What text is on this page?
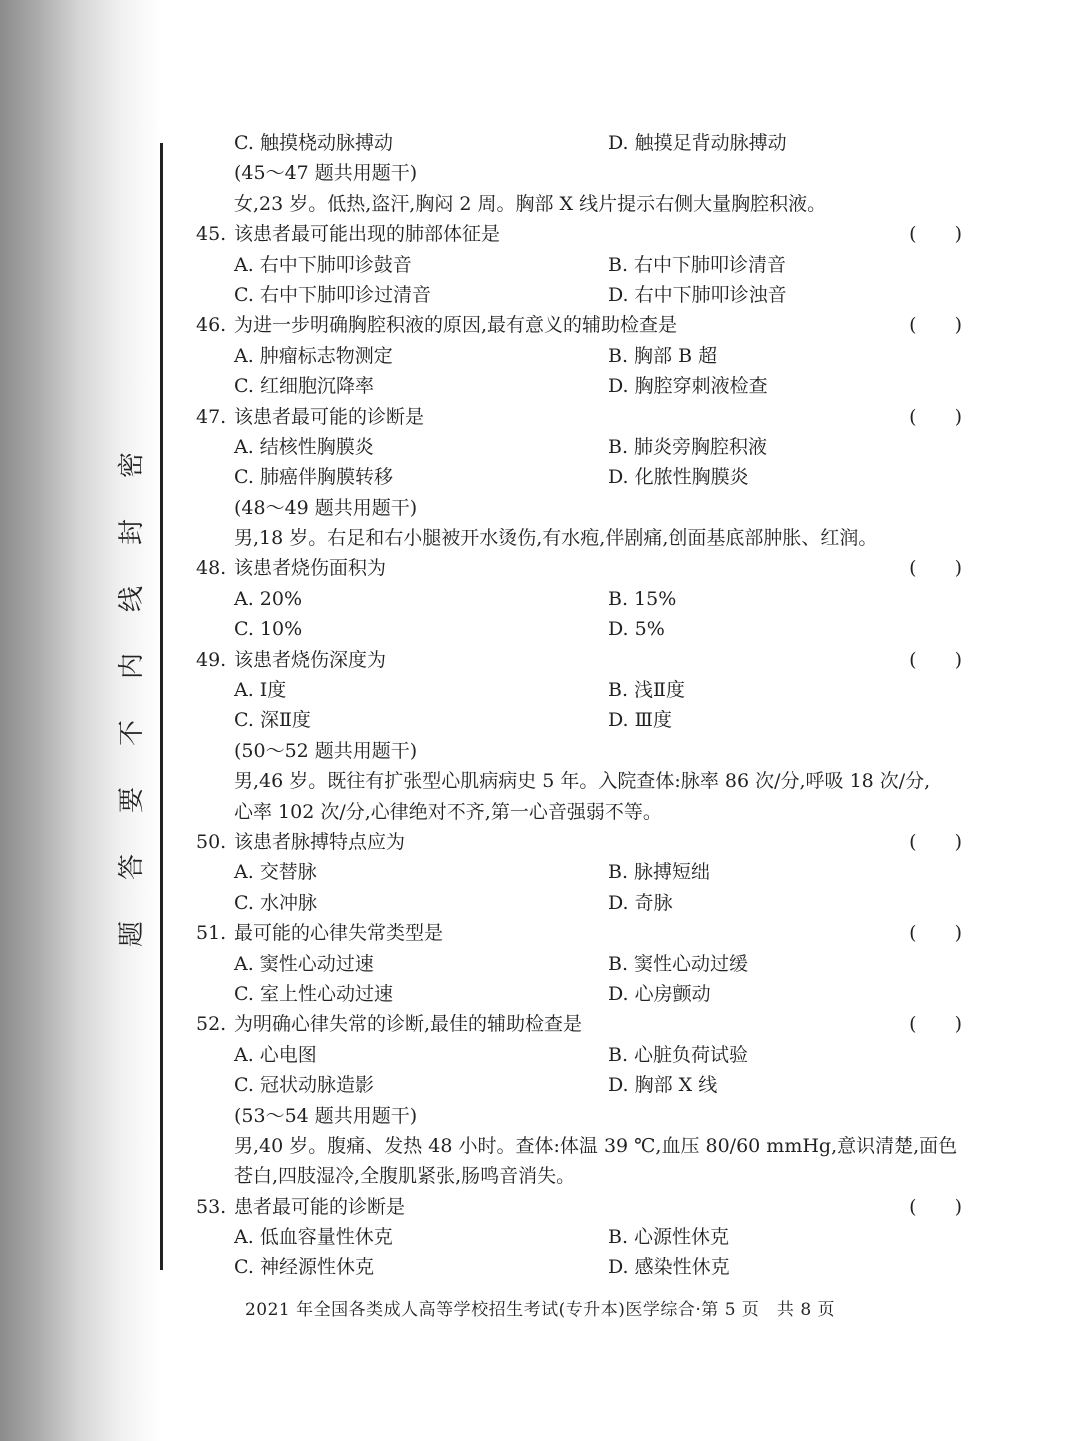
密
封
线
内
不
要
答
题
C. 触摸桡动脉搏动	D. 触摸足背动脉搏动
(45～47 题共用题干)
女,23 岁。低热,盗汗,胸闷 2 周。胸部 X 线片提示右侧大量胸腔积液。
45. 该患者最可能出现的肺部体征是	(　　)
A. 右中下肺叩诊鼓音	B. 右中下肺叩诊清音
C. 右中下肺叩诊过清音	D. 右中下肺叩诊浊音
46. 为进一步明确胸腔积液的原因,最有意义的辅助检查是	(　　)
A. 肿瘤标志物测定	B. 胸部 B 超
C. 红细胞沉降率	D. 胸腔穿刺液检查
47. 该患者最可能的诊断是	(　　)
A. 结核性胸膜炎	B. 肺炎旁胸腔积液
C. 肺癌伴胸膜转移	D. 化脓性胸膜炎
(48～49 题共用题干)
男,18 岁。右足和右小腿被开水烫伤,有水疱,伴剧痛,创面基底部肿胀、红润。
48. 该患者烧伤面积为	(　　)
A. 20%	B. 15%
C. 10%	D. 5%
49. 该患者烧伤深度为	(　　)
A. Ⅰ度	B. 浅Ⅱ度
C. 深Ⅱ度	D. Ⅲ度
(50～52 题共用题干)
男,46 岁。既往有扩张型心肌病病史 5 年。入院查体:脉率 86 次/分,呼吸 18 次/分,
心率 102 次/分,心律绝对不齐,第一心音强弱不等。
50. 该患者脉搏特点应为	(　　)
A. 交替脉	B. 脉搏短绌
C. 水冲脉	D. 奇脉
51. 最可能的心律失常类型是	(　　)
A. 窦性心动过速	B. 窦性心动过缓
C. 室上性心动过速	D. 心房颤动
52. 为明确心律失常的诊断,最佳的辅助检查是	(　　)
A. 心电图	B. 心脏负荷试验
C. 冠状动脉造影	D. 胸部 X 线
(53～54 题共用题干)
男,40 岁。腹痛、发热 48 小时。查体:体温 39 ℃,血压 80/60 mmHg,意识清楚,面色
苍白,四肢湿冷,全腹肌紧张,肠鸣音消失。
53. 患者最可能的诊断是	(　　)
A. 低血容量性休克	B. 心源性休克
C. 神经源性休克	D. 感染性休克
2021 年全国各类成人高等学校招生考试(专升本)医学综合·第 5 页　共 8 页
